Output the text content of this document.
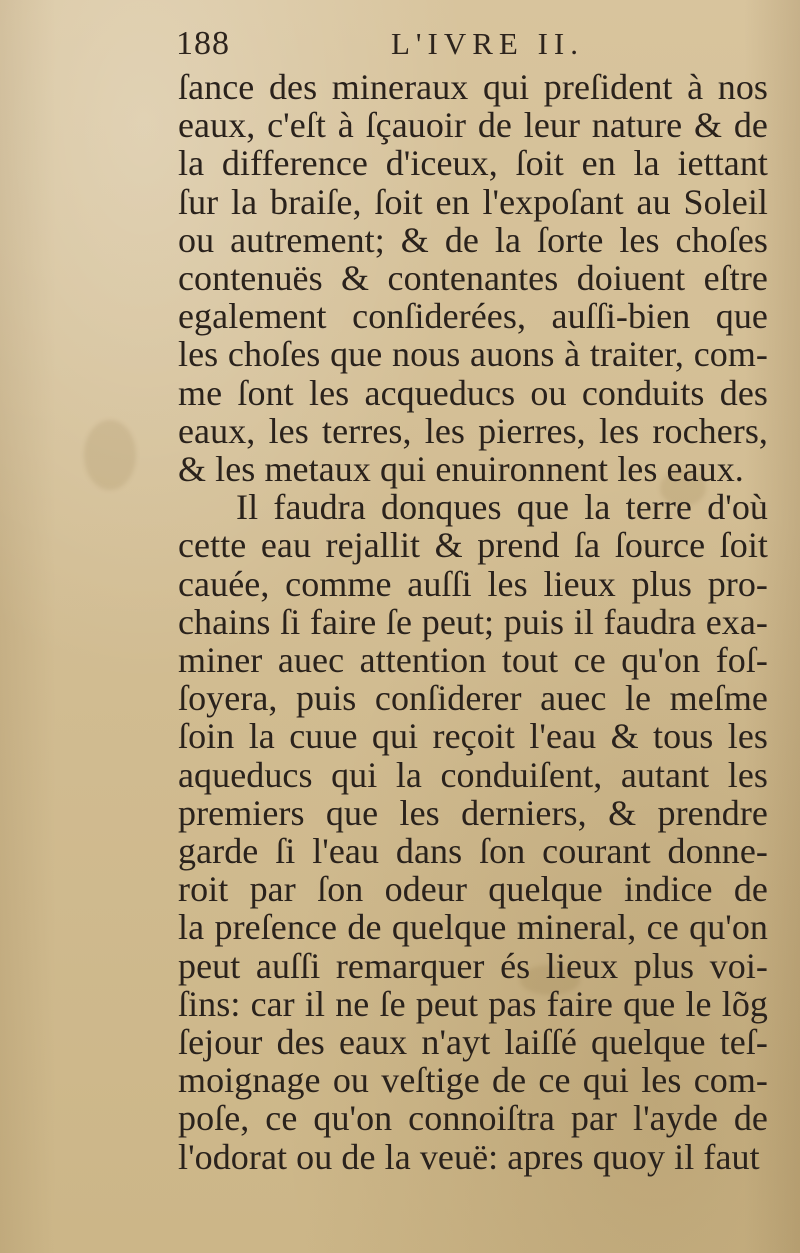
188	L'IVRE II.
ſance des mineraux qui preſident à nos
eaux, c'eſt à ſçauoir de leur nature & de
la difference d'iceux, ſoit en la iettant
ſur la braiſe, ſoit en l'expoſant au Soleil
ou autrement; & de la ſorte les choſes
contenuës & contenantes doiuent eſtre
egalement conſiderées, auſſi-bien que
les choſes que nous auons à traiter, com-
me ſont les acqueducs ou conduits des
eaux, les terres, les pierres, les rochers,
& les metaux qui enuironnent les eaux.
Il faudra donques que la terre d'où
cette eau rejallit & prend ſa ſource ſoit
cauée, comme auſſi les lieux plus pro-
chains ſi faire ſe peut; puis il faudra exa-
miner auec attention tout ce qu'on foſ-
ſoyera, puis conſiderer auec le meſme
ſoin la cuue qui reçoit l'eau & tous les
aqueducs qui la conduiſent, autant les
premiers que les derniers, & prendre
garde ſi l'eau dans ſon courant donne-
roit par ſon odeur quelque indice de
la preſence de quelque mineral, ce qu'on
peut auſſi remarquer és lieux plus voi-
ſins: car il ne ſe peut pas faire que le lõg
ſejour des eaux n'ayt laiſſé quelque teſ-
moignage ou veſtige de ce qui les com-
poſe, ce qu'on connoiſtra par l'ayde de
l'odorat ou de la veuë: apres quoy il faut
